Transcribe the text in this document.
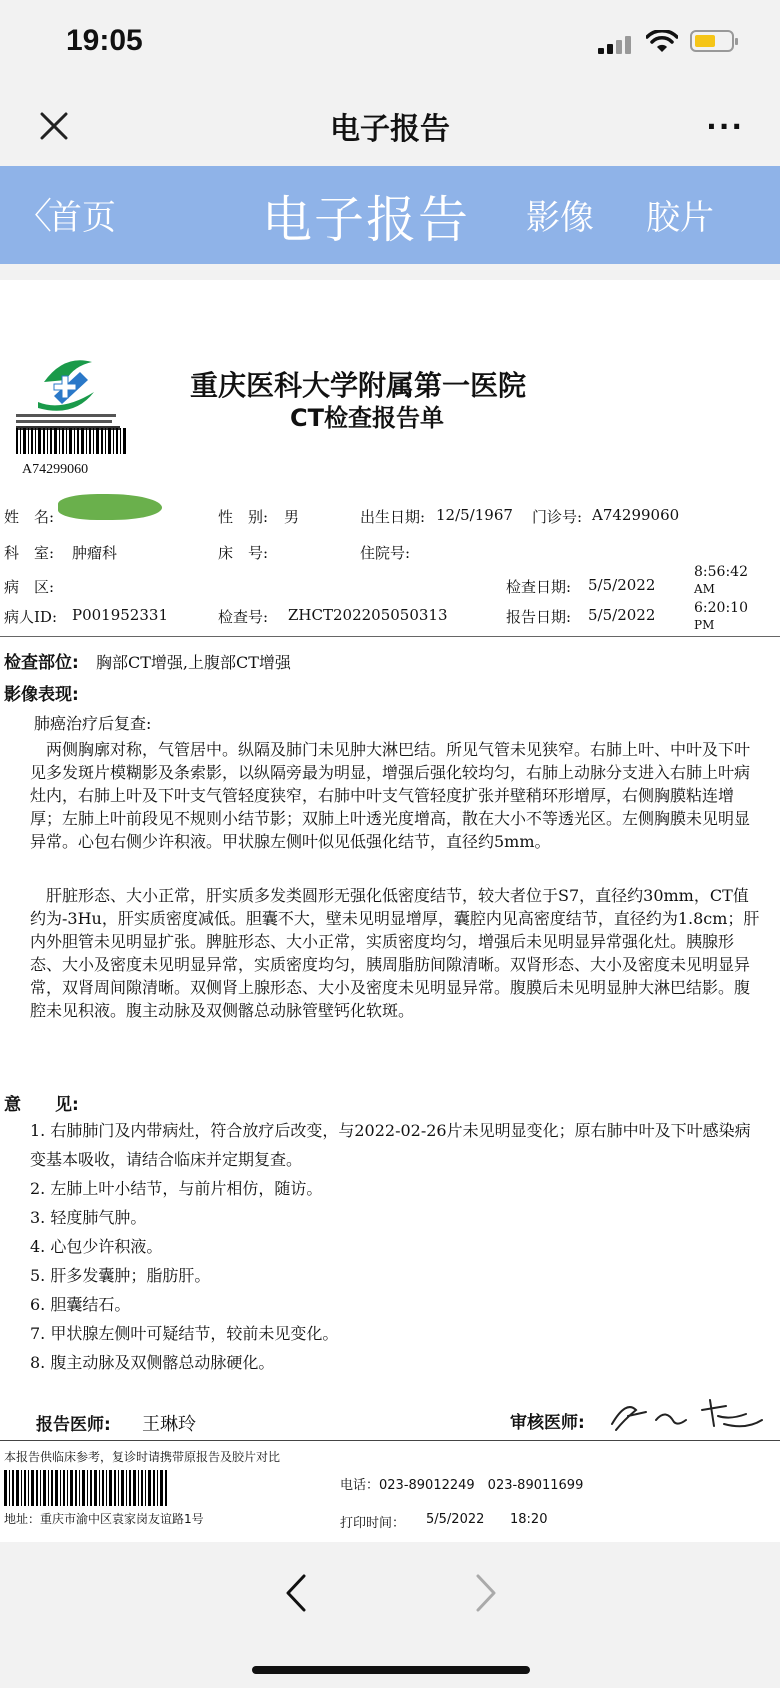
19:05
电子报告	···
〈
首页	电子报告 影像 胶片
A74299060
重庆医科大学附属第一医院
CT检查报告单
姓　名:	性　别: 男	出生日期: 12/5/1967 门诊号: A74299060
科　室: 肿瘤科	床　号:	住院号:
病　区:	检查日期: 5/5/2022
8:56:42
AM
病人ID: P001952331	检查号: ZHCT202205050313	报告日期: 5/5/2022	6:20:10
PM
检查部位: 胸部CT增强,上腹部CT增强
影像表现:
肺癌治疗后复查:
　两侧胸廓对称，气管居中。纵隔及肺门未见肿大淋巴结。所见气管未见狭窄。右肺上叶、中叶及下叶见多发斑片模糊影及条索影，以纵隔旁最为明显，增强后强化较均匀，右肺上动脉分支进入右肺上叶病灶内，右肺上叶及下叶支气管轻度狭窄，右肺中叶支气管轻度扩张并壁稍环形增厚，右侧胸膜粘连增厚；左肺上叶前段见不规则小结节影；双肺上叶透光度增高，散在大小不等透光区。左侧胸膜未见明显异常。心包右侧少许积液。甲状腺左侧叶似见低强化结节，直径约5mm。
　肝脏形态、大小正常，肝实质多发类圆形无强化低密度结节，较大者位于S7，直径约30mm，CT值约为-3Hu，肝实质密度减低。胆囊不大，壁未见明显增厚，囊腔内见高密度结节，直径约为1.8cm；肝内外胆管未见明显扩张。脾脏形态、大小正常，实质密度均匀，增强后未见明显异常强化灶。胰腺形态、大小及密度未见明显异常，实质密度均匀，胰周脂肪间隙清晰。双肾形态、大小及密度未见明显异常，双肾周间隙清晰。双侧肾上腺形态、大小及密度未见明显异常。腹膜后未见明显肿大淋巴结影。腹腔未见积液。腹主动脉及双侧髂总动脉管壁钙化软斑。
意　　见:
1. 右肺肺门及内带病灶，符合放疗后改变，与2022-02-26片未见明显变化；原右肺中叶及下叶感染病变基本吸收，请结合临床并定期复查。
2. 左肺上叶小结节，与前片相仿，随访。
3. 轻度肺气肿。
4. 心包少许积液。
5. 肝多发囊肿；脂肪肝。
6. 胆囊结石。
7. 甲状腺左侧叶可疑结节，较前未见变化。
8. 腹主动脉及双侧髂总动脉硬化。
报告医师: 王琳玲	审核医师:
本报告供临床参考，复诊时请携带原报告及胶片对比
地址：重庆市渝中区袁家岗友谊路1号
电话：023-89012249　023-89011699
打印时间： 5/5/2022 18:20
